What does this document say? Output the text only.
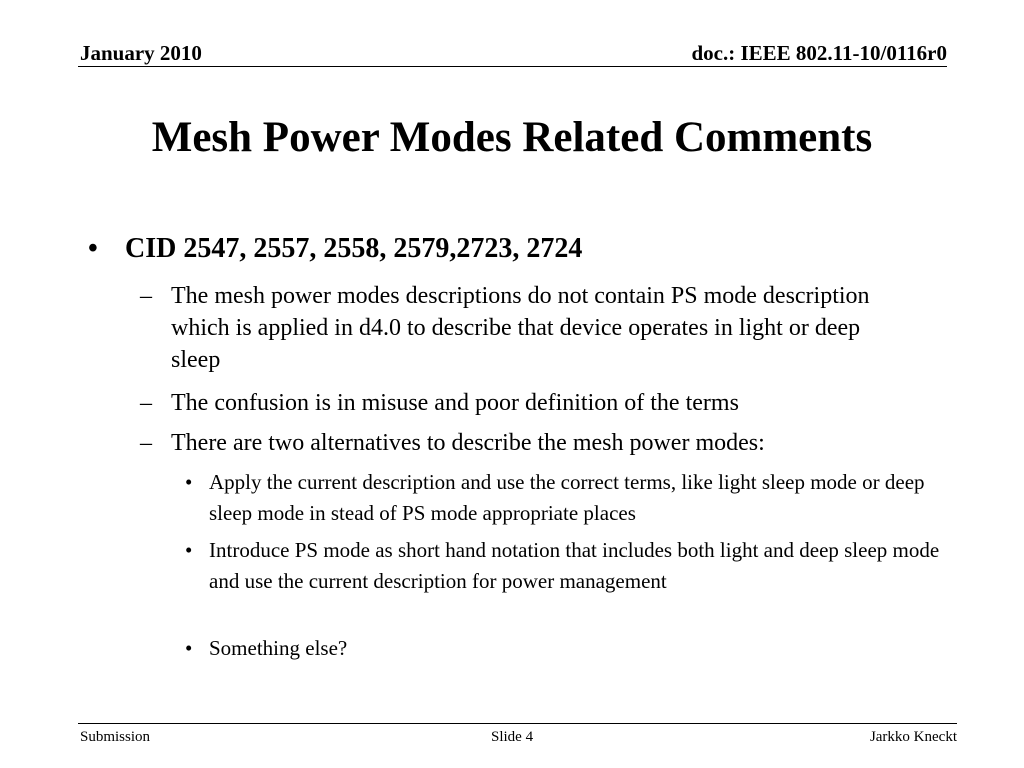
January 2010	doc.: IEEE 802.11-10/0116r0
Mesh Power Modes Related Comments
• CID 2547, 2557, 2558, 2579,2723, 2724
– The mesh power modes descriptions do not contain PS mode description which is applied in d4.0 to describe that device operates in light or deep sleep
– The confusion is in misuse and poor definition of the terms
– There are two alternatives to describe the mesh power modes:
• Apply the current description and use the correct terms, like light sleep mode or deep sleep mode in stead of PS mode appropriate places
• Introduce PS mode as short hand notation that includes both light and deep sleep mode and use the current description for power management
• Something else?
Submission	Slide 4	Jarkko Kneckt
